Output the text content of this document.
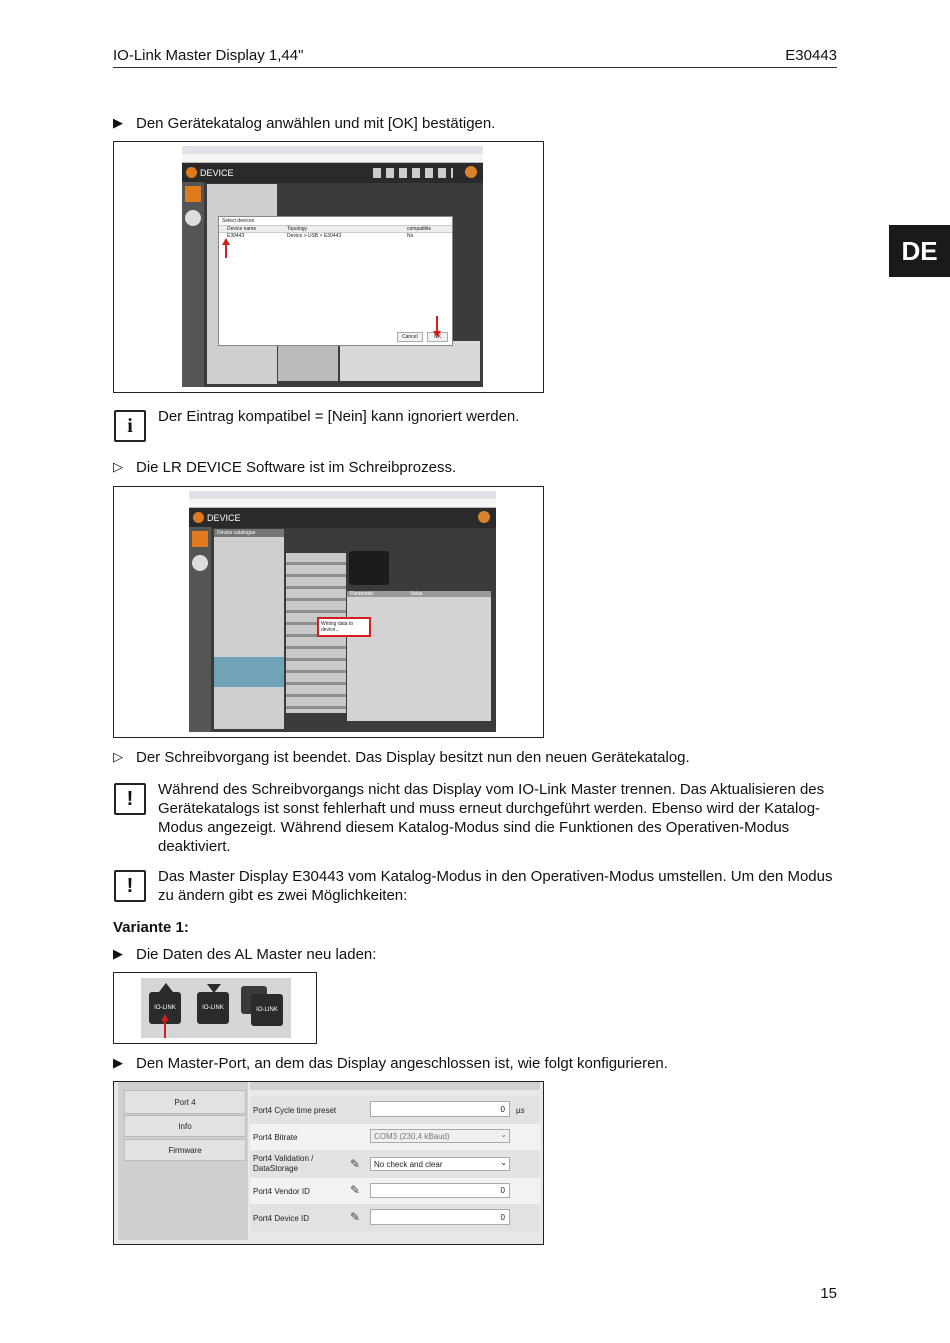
IO-Link Master Display 1,44"	E30443
DE
▶ Den Gerätekatalog anwählen und mit [OK] bestätigen.
DEVICE
Select devices
Device name	Topology	compatible
E30443	Device > USB > E30443	No
Cancel	OK
i	Der Eintrag kompatibel = [Nein] kann ignoriert werden.
▷ Die LR DEVICE Software ist im Schreibprozess.
DEVICE
Device catalogue
Parameter	Value
Writing data to device...
▷ Der Schreibvorgang ist beendet. Das Display besitzt nun den neuen Gerätekatalog.
!	Während des Schreibvorgangs nicht das Display vom IO-Link Master trennen. Das Aktualisieren des Gerätekatalogs ist sonst fehlerhaft und muss erneut durchgeführt werden. Ebenso wird der Katalog-Modus angezeigt. Während diesem Katalog-Modus sind die Funktionen des Operativen-Modus deaktiviert.
!	Das Master Display E30443 vom Katalog-Modus in den Operativen-Modus umstellen. Um den Modus zu ändern gibt es zwei Möglichkeiten:
Variante 1:
▶ Die Daten des AL Master neu laden:
IO-LINK	IO-LINK	IO-LINK
▶ Den Master-Port, an dem das Display angeschlossen ist, wie folgt konfigurieren.
Port 4
Info
Firmware
Port4 Cycle time preset	0	µs
Port4 Bitrate	COM3 (230,4 kBaud)	⌄
Port4 Validation / DataStorage	✎ No check and clear	⌄
Port4 Vendor ID	✎	0
Port4 Device ID	✎	0
15
